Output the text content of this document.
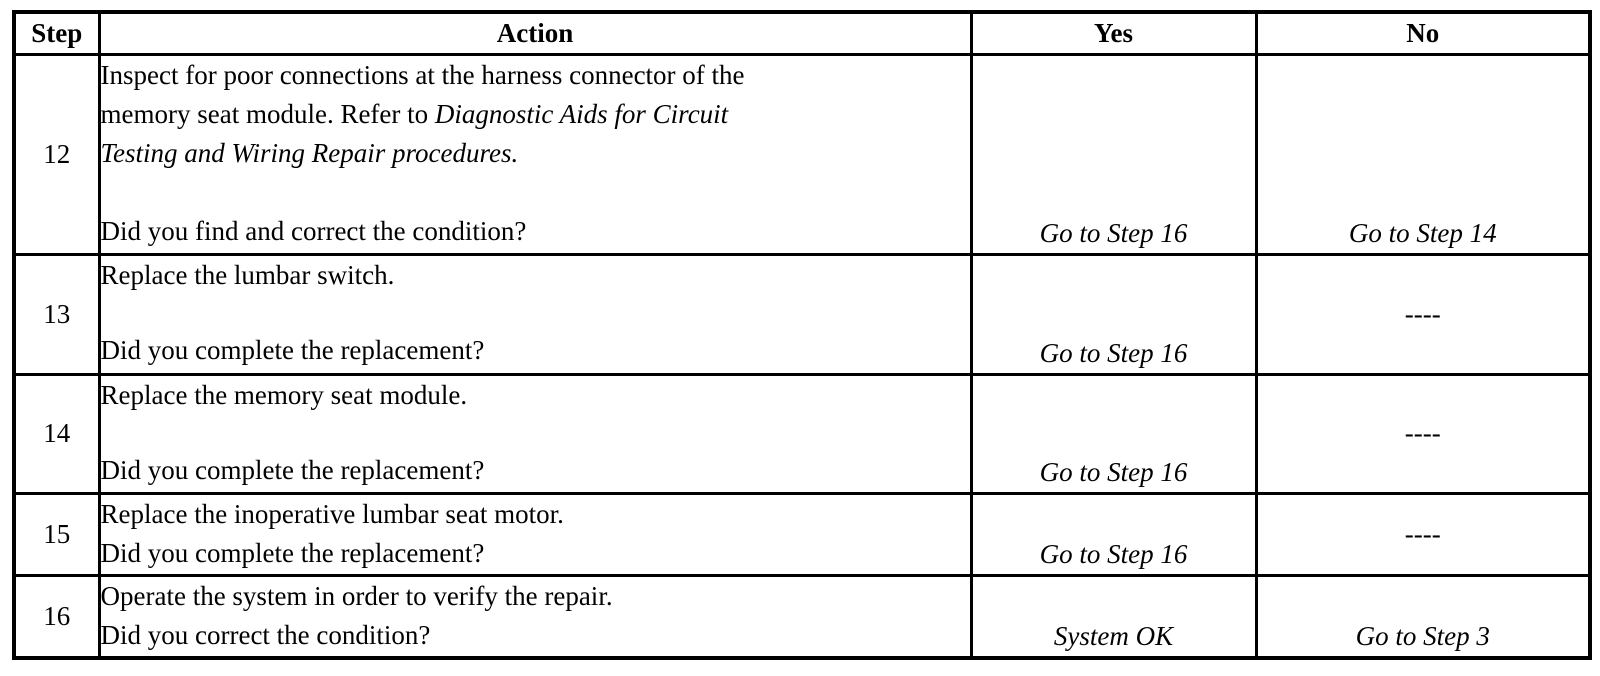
Step	Action	Yes	No
12	Inspect for poor connections at the harness connector of the
memory seat module. Refer to Diagnostic Aids for Circuit
Testing and Wiring Repair procedures.
Did you find and correct the condition?	Go to Step 16	Go to Step 14
13	Replace the lumbar switch.
Did you complete the replacement?	Go to Step 16	----
14	Replace the memory seat module.
Did you complete the replacement?	Go to Step 16	----
15	Replace the inoperative lumbar seat motor.
Did you complete the replacement?	Go to Step 16	----
16	Operate the system in order to verify the repair.
Did you correct the condition?	System OK	Go to Step 3
